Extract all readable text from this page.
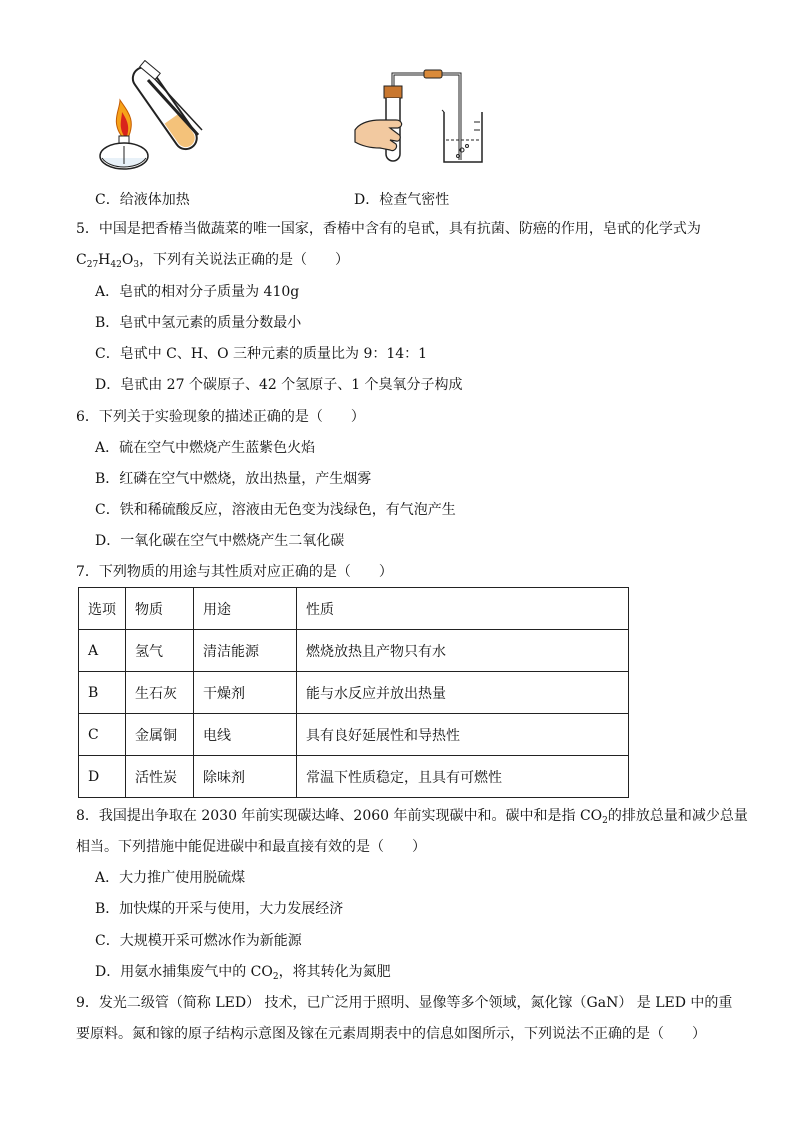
C．给液体加热	D．检查气密性
5．中国是把香椿当做蔬菜的唯一国家，香椿中含有的皂甙，具有抗菌、防癌的作用，皂甙的化学式为
$C_{27}H_{42}O_3$，下列有关说法正确的是（　　）
A．皂甙的相对分子质量为 410g
B．皂甙中氢元素的质量分数最小
C．皂甙中 C、H、O 三种元素的质量比为 9：14：1
D．皂甙由 27 个碳原子、42 个氢原子、1 个臭氧分子构成
6．下列关于实验现象的描述正确的是（　　）
A．硫在空气中燃烧产生蓝紫色火焰
B．红磷在空气中燃烧，放出热量，产生烟雾
C．铁和稀硫酸反应，溶液由无色变为浅绿色，有气泡产生
D．一氧化碳在空气中燃烧产生二氧化碳
7．下列物质的用途与其性质对应正确的是（　　）
选项	物质	用途	性质
A	氢气	清洁能源	燃烧放热且产物只有水
B	生石灰	干燥剂	能与水反应并放出热量
C	金属铜	电线	具有良好延展性和导热性
D	活性炭	除味剂	常温下性质稳定，且具有可燃性
8．我国提出争取在 2030 年前实现碳达峰、2060 年前实现碳中和。碳中和是指 $CO_2$的排放总量和减少总量
相当。下列措施中能促进碳中和最直接有效的是（　　）
A．大力推广使用脱硫煤
B．加快煤的开采与使用，大力发展经济
C．大规模开采可燃冰作为新能源
D．用氨水捕集废气中的 $CO_2$，将其转化为氮肥
9．发光二级管（简称 LED） 技术，已广泛用于照明、显像等多个领域，氮化镓（GaN） 是 LED 中的重
要原料。氮和镓的原子结构示意图及镓在元素周期表中的信息如图所示，下列说法不正确的是（　　）
